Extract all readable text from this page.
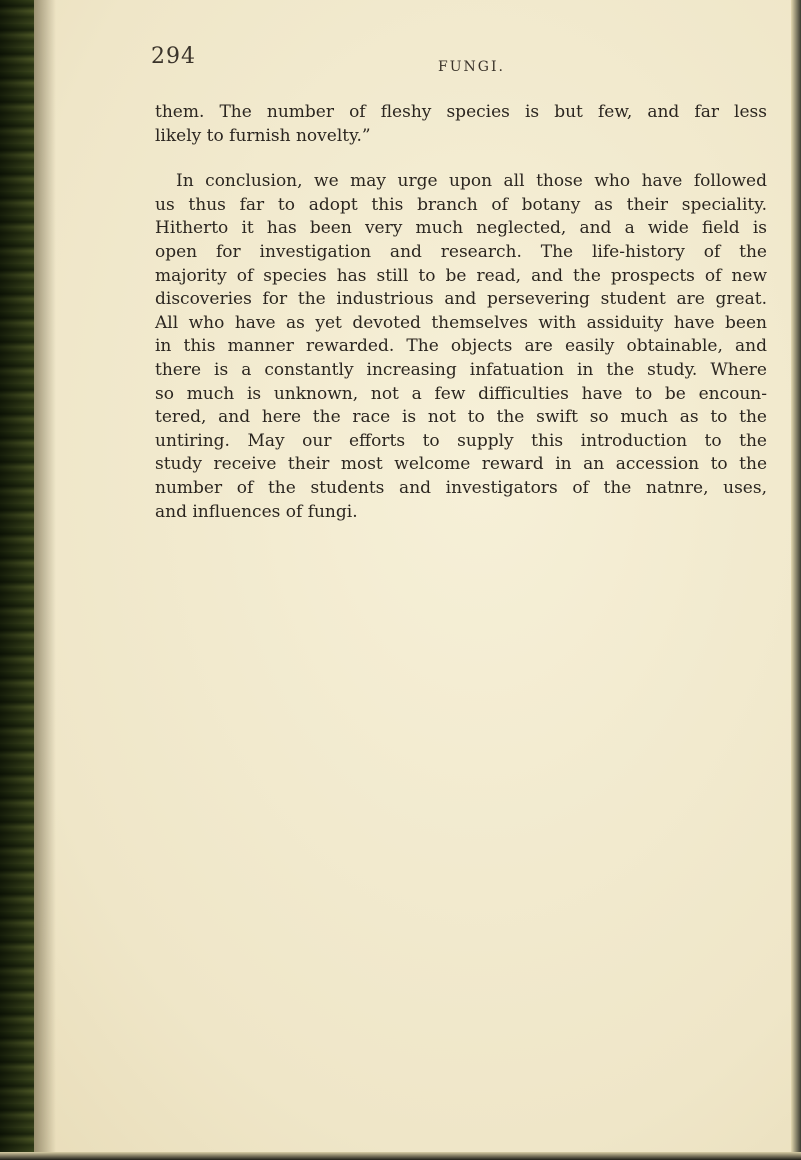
294	FUNGI.
them. The number of fleshy species is but few, and far less
likely to furnish novelty.”
In conclusion, we may urge upon all those who have followed
us thus far to adopt this branch of botany as their speciality.
Hitherto it has been very much neglected, and a wide field is
open for investigation and research. The life-history of the
majority of species has still to be read, and the prospects of new
discoveries for the industrious and persevering student are great.
All who have as yet devoted themselves with assiduity have been
in this manner rewarded. The objects are easily obtainable, and
there is a constantly increasing infatuation in the study. Where
so much is unknown, not a few difficulties have to be encoun-
tered, and here the race is not to the swift so much as to the
untiring. May our efforts to supply this introduction to the
study receive their most welcome reward in an accession to the
number of the students and investigators of the natnre, uses,
and influences of fungi.
